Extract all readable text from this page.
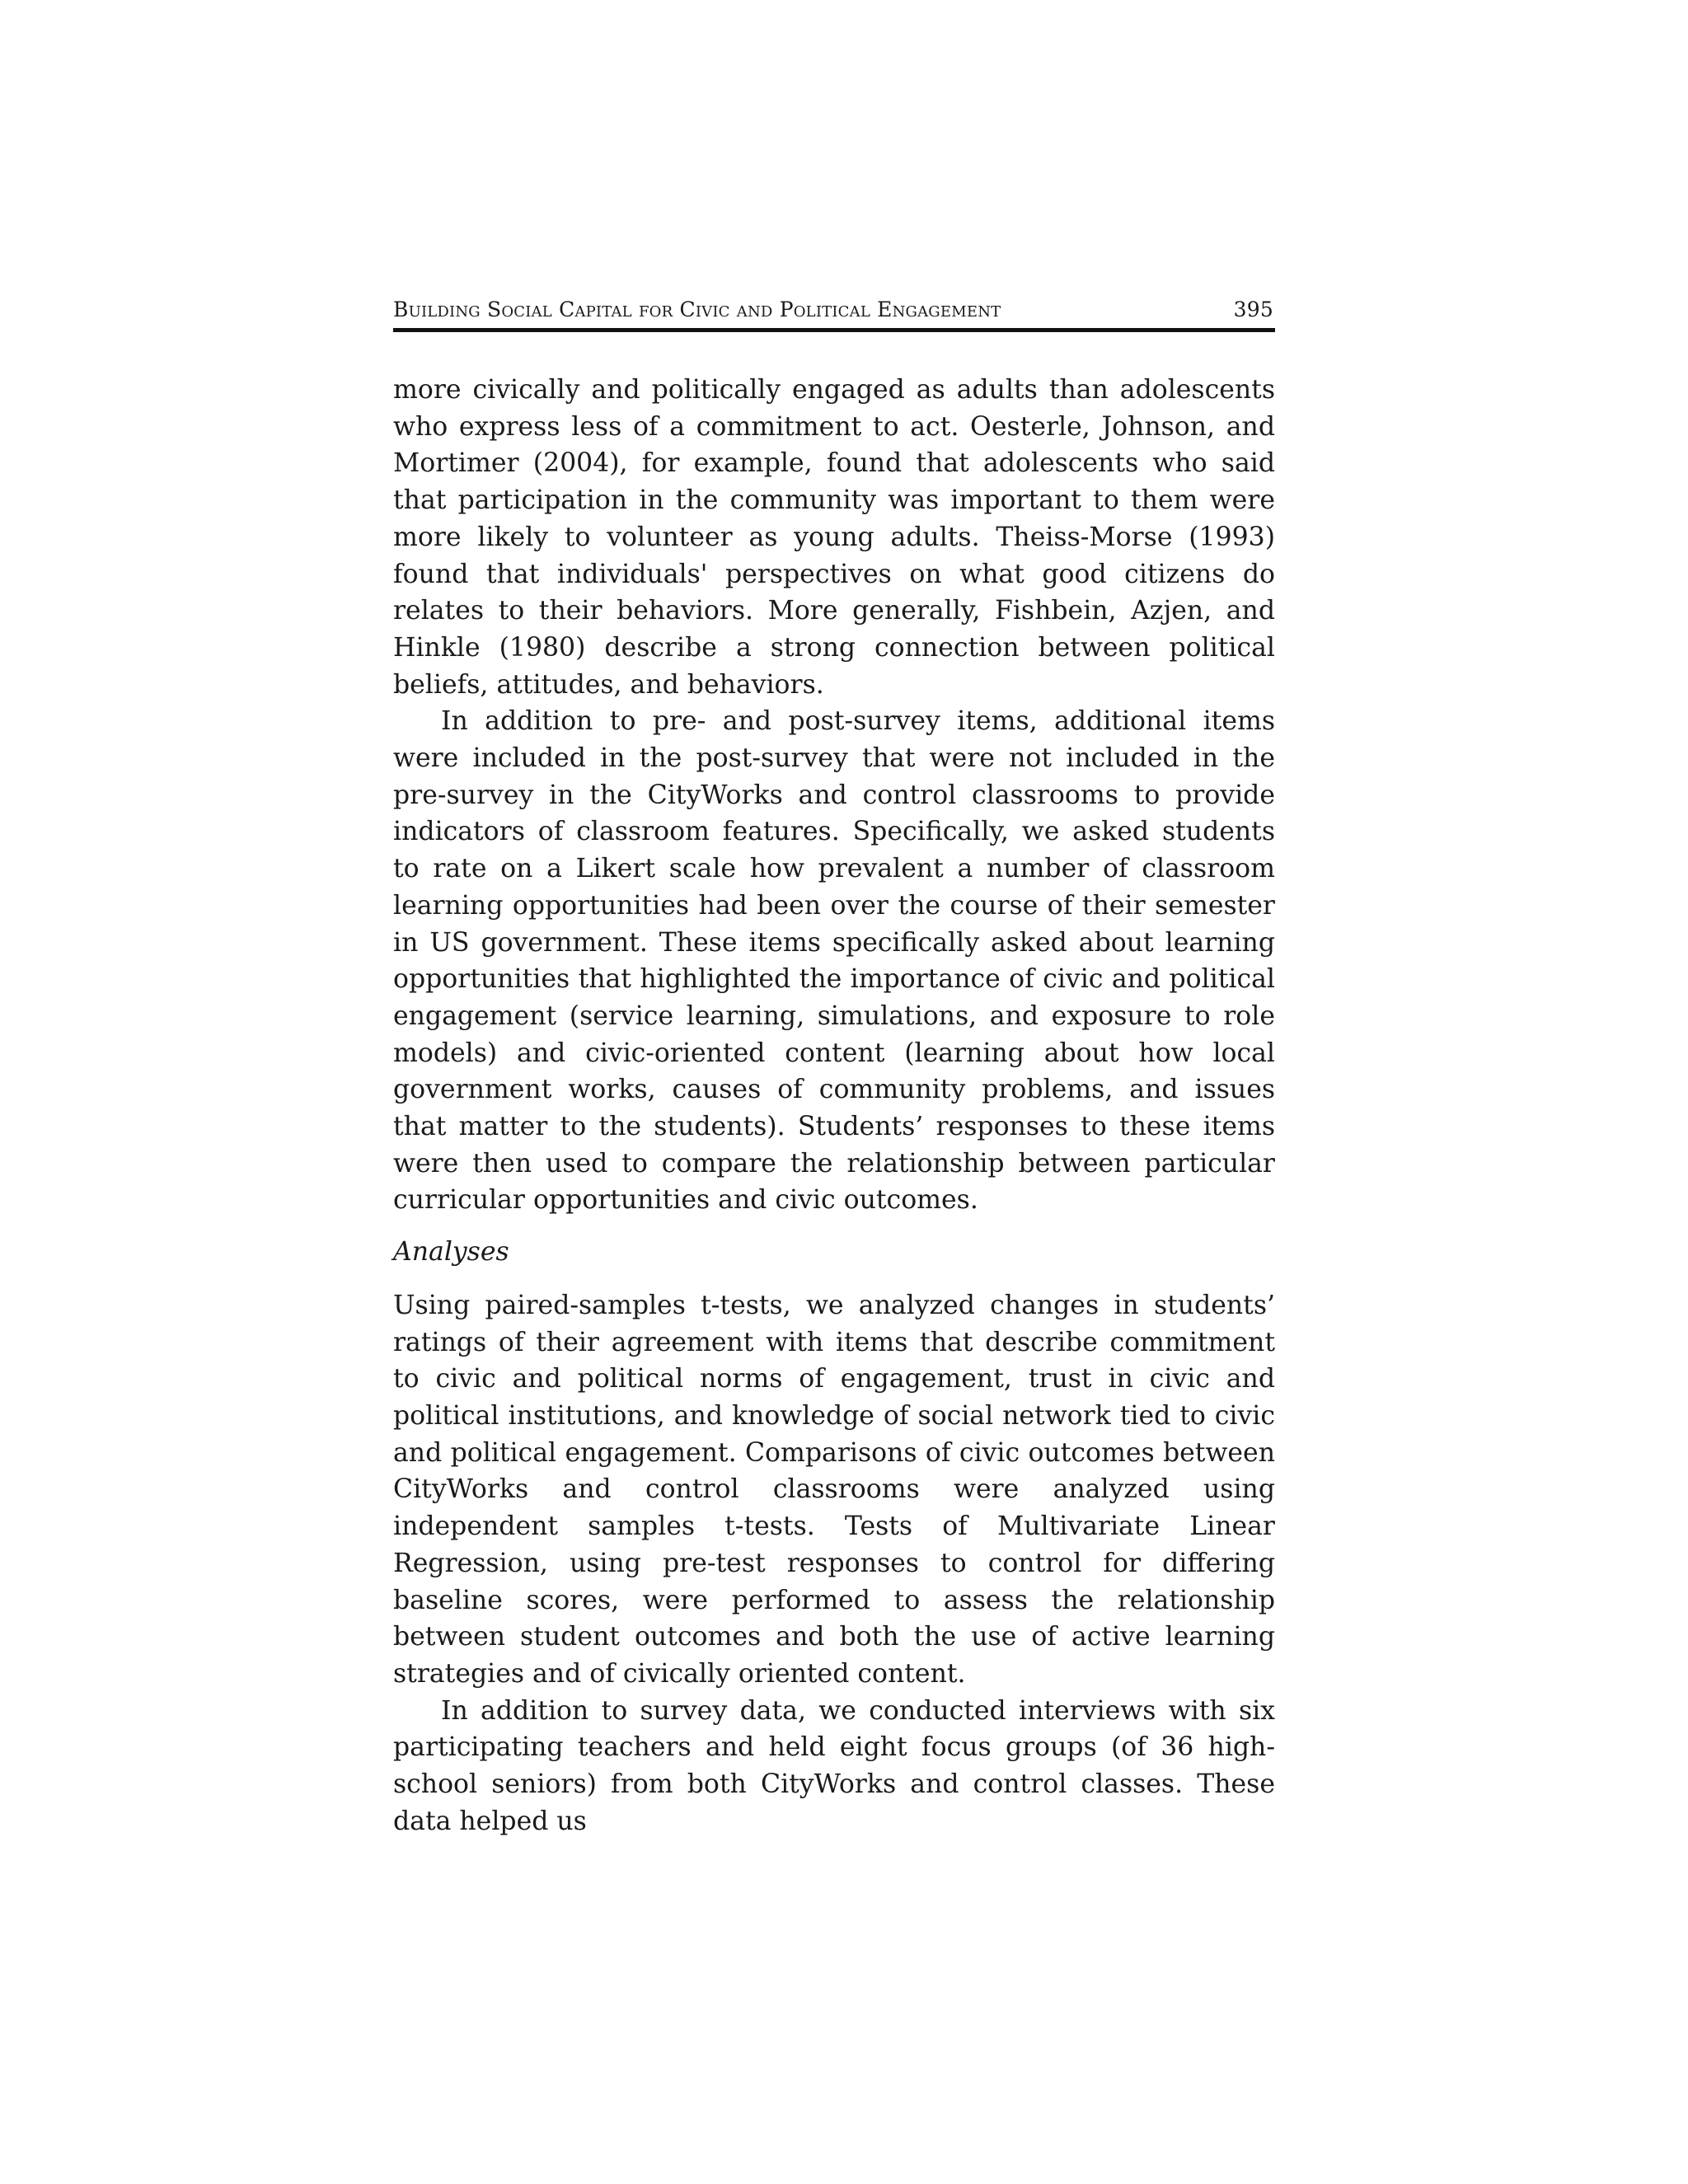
Building Social Capital for Civic and Political Engagement	395

more civically and politically engaged as adults than adolescents who express less of a commitment to act. Oesterle, Johnson, and Mortimer (2004), for example, found that adolescents who said that participation in the community was important to them were more likely to volunteer as young adults. Theiss-Morse (1993) found that individuals' perspectives on what good citizens do relates to their behaviors. More generally, Fishbein, Azjen, and Hinkle (1980) describe a strong connection between political beliefs, attitudes, and behaviors.

In addition to pre- and post-survey items, additional items were included in the post-survey that were not included in the pre-survey in the CityWorks and control classrooms to provide indicators of classroom features. Specifically, we asked students to rate on a Likert scale how prevalent a number of classroom learning opportunities had been over the course of their semester in US government. These items specifically asked about learning opportunities that highlighted the importance of civic and political engagement (service learning, simulations, and exposure to role models) and civic-oriented content (learning about how local government works, causes of community problems, and issues that matter to the students). Students’ responses to these items were then used to compare the relationship between particular curricular opportunities and civic outcomes.

Analyses

Using paired-samples t-tests, we analyzed changes in students’ ratings of their agreement with items that describe commitment to civic and political norms of engagement, trust in civic and political institutions, and knowledge of social network tied to civic and political engagement. Comparisons of civic outcomes between CityWorks and control classrooms were analyzed using independent samples t-tests. Tests of Multivariate Linear Regression, using pre-test responses to control for differing baseline scores, were performed to assess the relationship between student outcomes and both the use of active learning strategies and of civically oriented content.

In addition to survey data, we conducted interviews with six participating teachers and held eight focus groups (of 36 high-school seniors) from both CityWorks and control classes. These data helped us
